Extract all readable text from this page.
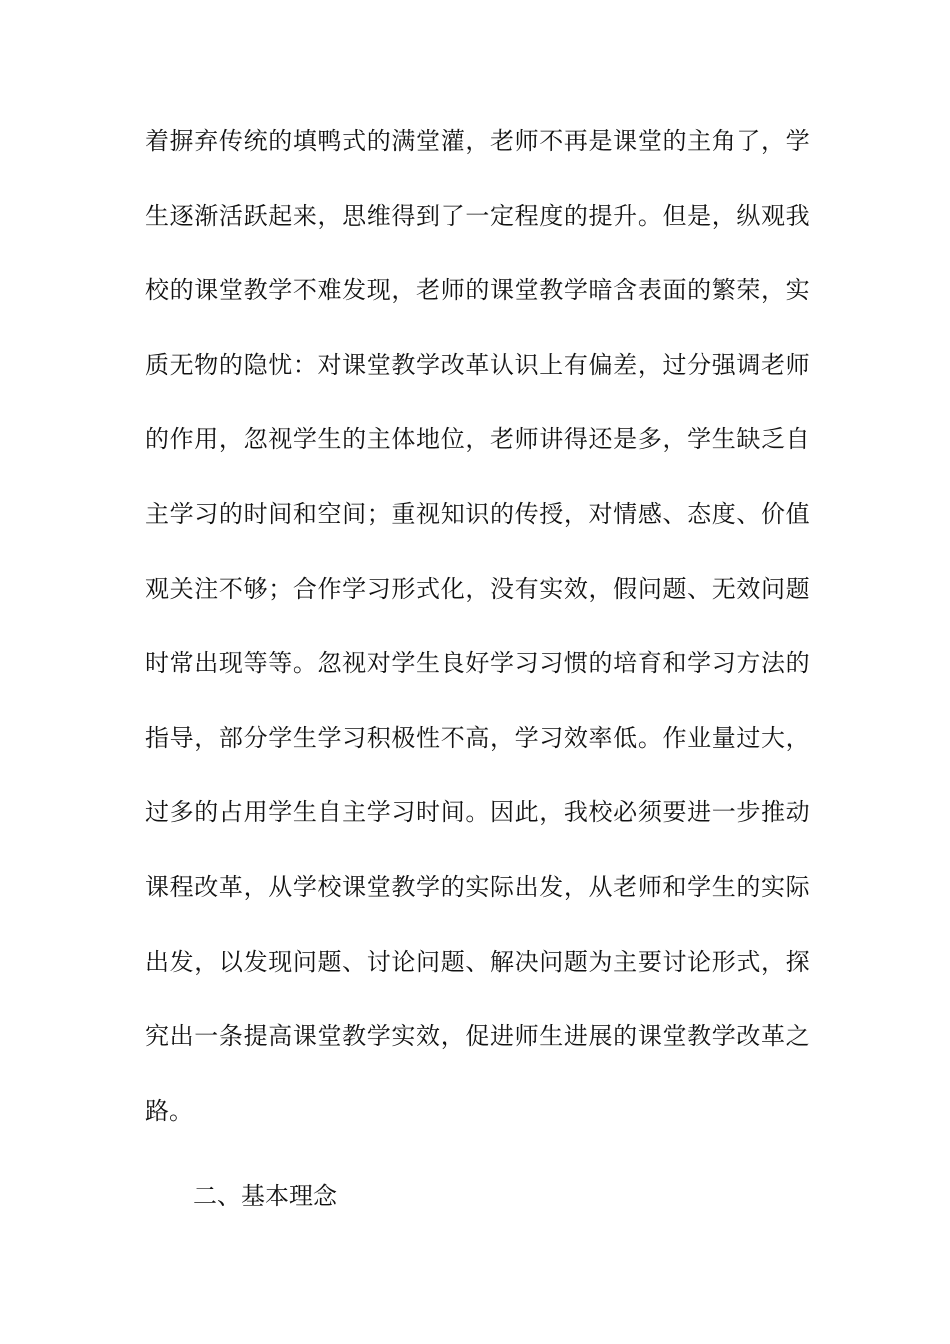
着 摒 弃 传 统 的 填 鸭 式 的 满 堂 灌 ， 老 师 不 再 是 课 堂 的 主 角 了 ， 学
生 逐 渐 活 跃 起 来 ， 思 维 得 到 了 一 定 程 度 的 提 升 。 但 是 ， 纵 观 我
校 的 课 堂 教 学 不 难 发 现 ， 老 师 的 课 堂 教 学 暗 含 表 面 的 繁 荣 ， 实
质 无 物 的 隐 忧 ： 对 课 堂 教 学 改 革 认 识 上 有 偏 差 ， 过 分 强 调 老 师
的 作 用 ， 忽 视 学 生 的 主 体 地 位 ， 老 师 讲 得 还 是 多 ， 学 生 缺 乏 自
主 学 习 的 时 间 和 空 间 ； 重 视 知 识 的 传 授 ， 对 情 感 、 态 度 、 价 值
观 关 注 不 够 ； 合 作 学 习 形 式 化 ， 没 有 实 效 ， 假 问 题 、 无 效 问 题
时 常 出 现 等 等 。 忽 视 对 学 生 良 好 学 习 习 惯 的 培 育 和 学 习 方 法 的
指 导 ， 部 分 学 生 学 习 积 极 性 不 高 ， 学 习 效 率 低 。 作 业 量 过 大 ，
过 多 的 占 用 学 生 自 主 学 习 时 间 。 因 此 ， 我 校 必 须 要 进 一 步 推 动
课 程 改 革 ， 从 学 校 课 堂 教 学 的 实 际 出 发 ， 从 老 师 和 学 生 的 实 际
出 发 ， 以 发 现 问 题 、 讨 论 问 题 、 解 决 问 题 为 主 要 讨 论 形 式 ， 探
究 出 一 条 提 高 课 堂 教 学 实 效 ， 促 进 师 生 进 展 的 课 堂 教 学 改 革 之
路。
二、基本理念
